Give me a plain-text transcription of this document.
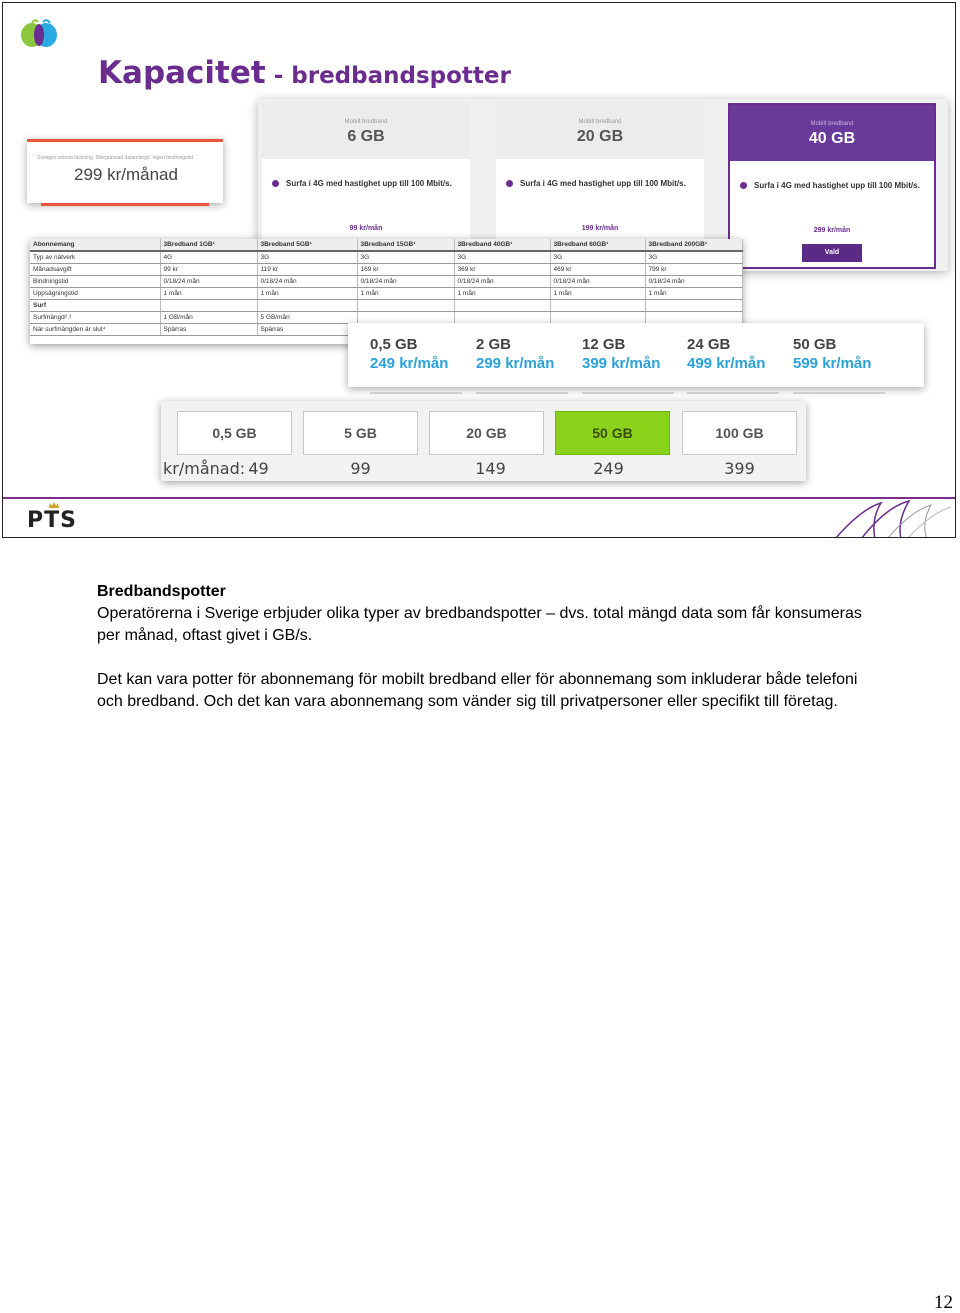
Kapacitet - bredbandspotter
Sveriges största täckning. Obegränsad datamängd. Ingen bindningstid.
299 kr/månad
Mobilt bredband
6 GB
Surfa i 4G med hastighet upp till 100 Mbit/s.
99 kr/mån
Mobilt bredband
20 GB
Surfa i 4G med hastighet upp till 100 Mbit/s.
199 kr/mån
Mobilt bredband
40 GB
Surfa i 4G med hastighet upp till 100 Mbit/s.
299 kr/mån
Vald
Abonnemang	3Bredband 1GB¹	3Bredband 5GB¹	3Bredband 15GB¹	3Bredband 40GB¹	3Bredband 60GB¹	3Bredband 200GB¹
Typ av nätverk	4G	3G	3G	3G	3G	3G
Månadsavgift	99 kr	119 kr	169 kr	369 kr	469 kr	799 kr
Bindningstid	0/18/24 mån	0/18/24 mån	0/18/24 mån	0/18/24 mån	0/18/24 mån	0/18/24 mån
Uppsägningstid	1 mån	1 mån	1 mån	1 mån	1 mån	1 mån
Surf						
Surfmängd²˒³	1 GB/mån	5 GB/mån				
När surfmängden är slut⁴	Spärras	Spärras				
0,5 GB
249 kr/mån
2 GB
299 kr/mån
12 GB
399 kr/mån
24 GB
499 kr/mån
50 GB
599 kr/mån
0,5 GB	5 GB	20 GB	50 GB	100 GB
kr/månad: 49	99	149	249	399
PTS

Bredbandspotter

Operatörerna i Sverige erbjuder olika typer av bredbandspotter – dvs. total mängd data som får konsumeras per månad, oftast givet i GB/s.

Det kan vara potter för abonnemang för mobilt bredband eller för abonnemang som inkluderar både telefoni och bredband. Och det kan vara abonnemang som vänder sig till privatpersoner eller specifikt till företag.

12
